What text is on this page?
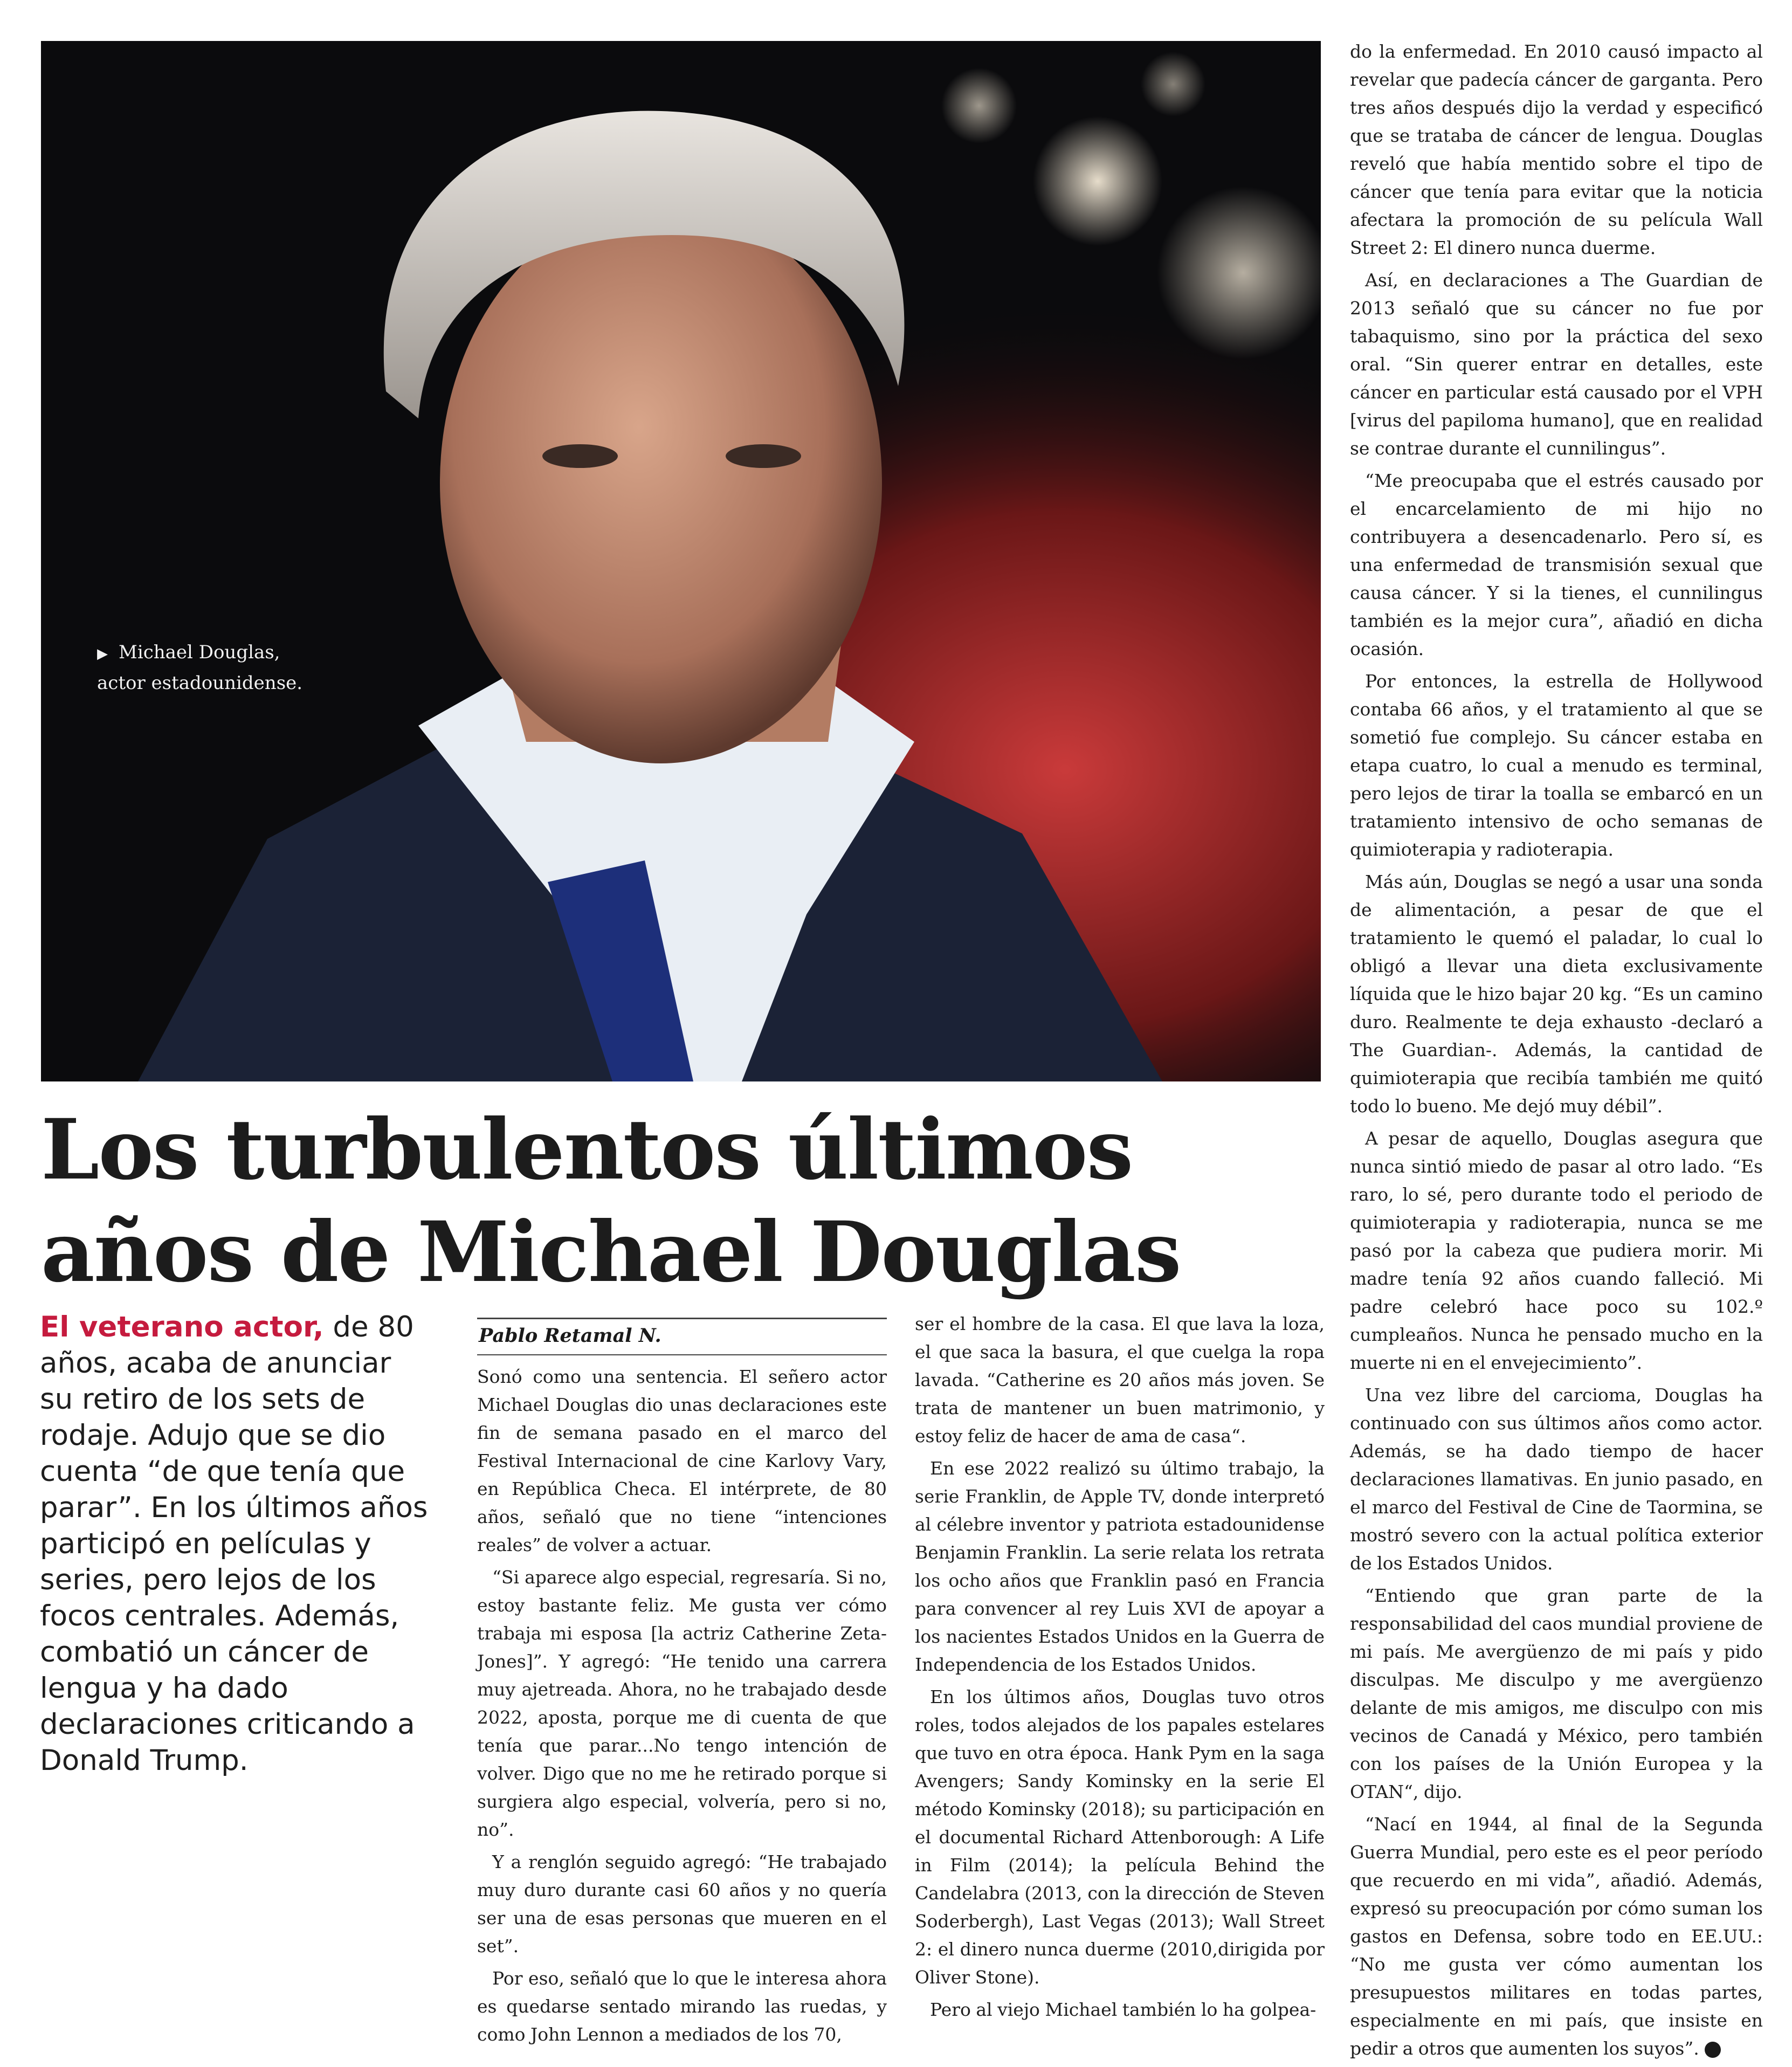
▶ Michael Douglas,
actor estadounidense.
Los turbulentos últimos
años de Michael Douglas
El veterano actor, de 80 años, acaba de anunciar su retiro de los sets de rodaje. Adujo que se dio cuenta “de que tenía que parar”. En los últimos años participó en películas y series, pero lejos de los focos centrales. Además, combatió un cáncer de lengua y ha dado declaraciones criticando a Donald Trump.
Pablo Retamal N.

Sonó como una sentencia. El señero actor Michael Douglas dio unas declaraciones este fin de semana pasado en el marco del Festival Internacional de cine Karlovy Vary, en República Checa. El intérprete, de 80 años, señaló que no tiene “intenciones reales” de volver a actuar.

“Si aparece algo especial, regresaría. Si no, estoy bastante feliz. Me gusta ver cómo trabaja mi esposa [la actriz Catherine Zeta-Jones]”. Y agregó: “He tenido una carrera muy ajetreada. Ahora, no he trabajado desde 2022, aposta, porque me di cuenta de que tenía que parar...No tengo intención de volver. Digo que no me he retirado porque si surgiera algo especial, volvería, pero si no, no”.

Y a renglón seguido agregó: “He trabajado muy duro durante casi 60 años y no quería ser una de esas personas que mueren en el set”.

Por eso, señaló que lo que le interesa ahora es quedarse sentado mirando las ruedas, y como John Lennon a mediados de los 70,

ser el hombre de la casa. El que lava la loza, el que saca la basura, el que cuelga la ropa lavada. “Catherine es 20 años más joven. Se trata de mantener un buen matrimonio, y estoy feliz de hacer de ama de casa“.

En ese 2022 realizó su último trabajo, la serie Franklin, de Apple TV, donde interpretó al célebre inventor y patriota estadounidense Benjamin Franklin. La serie relata los retrata los ocho años que Franklin pasó en Francia para convencer al rey Luis XVI de apoyar a los nacientes Estados Unidos en la Guerra de Independencia de los Estados Unidos.

En los últimos años, Douglas tuvo otros roles, todos alejados de los papales estelares que tuvo en otra época. Hank Pym en la saga Avengers; Sandy Kominsky en la serie El método Kominsky (2018); su participación en el documental Richard Attenborough: A Life in Film (2014); la película Behind the Candelabra (2013, con la dirección de Steven Soderbergh), Last Vegas (2013); Wall Street 2: el dinero nunca duerme (2010,dirigida por Oliver Stone).

Pero al viejo Michael también lo ha golpea-

do la enfermedad. En 2010 causó impacto al revelar que padecía cáncer de garganta. Pero tres años después dijo la verdad y especificó que se trataba de cáncer de lengua. Douglas reveló que había mentido sobre el tipo de cáncer que tenía para evitar que la noticia afectara la promoción de su película Wall Street 2: El dinero nunca duerme.

Así, en declaraciones a The Guardian de 2013 señaló que su cáncer no fue por tabaquismo, sino por la práctica del sexo oral. “Sin querer entrar en detalles, este cáncer en particular está causado por el VPH [virus del papiloma humano], que en realidad se contrae durante el cunnilingus”.

“Me preocupaba que el estrés causado por el encarcelamiento de mi hijo no contribuyera a desencadenarlo. Pero sí, es una enfermedad de transmisión sexual que causa cáncer. Y si la tienes, el cunnilingus también es la mejor cura”, añadió en dicha ocasión.

Por entonces, la estrella de Hollywood contaba 66 años, y el tratamiento al que se sometió fue complejo. Su cáncer estaba en etapa cuatro, lo cual a menudo es terminal, pero lejos de tirar la toalla se embarcó en un tratamiento intensivo de ocho semanas de quimioterapia y radioterapia.

Más aún, Douglas se negó a usar una sonda de alimentación, a pesar de que el tratamiento le quemó el paladar, lo cual lo obligó a llevar una dieta exclusivamente líquida que le hizo bajar 20 kg. “Es un camino duro. Realmente te deja exhausto -declaró a The Guardian-. Además, la cantidad de quimioterapia que recibía también me quitó todo lo bueno. Me dejó muy débil”.

A pesar de aquello, Douglas asegura que nunca sintió miedo de pasar al otro lado. “Es raro, lo sé, pero durante todo el periodo de quimioterapia y radioterapia, nunca se me pasó por la cabeza que pudiera morir. Mi madre tenía 92 años cuando falleció. Mi padre celebró hace poco su 102.º cumpleaños. Nunca he pensado mucho en la muerte ni en el envejecimiento”.

Una vez libre del carcioma, Douglas ha continuado con sus últimos años como actor. Además, se ha dado tiempo de hacer declaraciones llamativas. En junio pasado, en el marco del Festival de Cine de Taormina, se mostró severo con la actual política exterior de los Estados Unidos.

“Entiendo que gran parte de la responsabilidad del caos mundial proviene de mi país. Me avergüenzo de mi país y pido disculpas. Me disculpo y me avergüenzo delante de mis amigos, me disculpo con mis vecinos de Canadá y México, pero también con los países de la Unión Europea y la OTAN“, dijo.

“Nací en 1944, al final de la Segunda Guerra Mundial, pero este es el peor período que recuerdo en mi vida”, añadió. Además, expresó su preocupación por cómo suman los gastos en Defensa, sobre todo en EE.UU.: “No me gusta ver cómo aumentan los presupuestos militares en todas partes, especialmente en mi país, que insiste en pedir a otros que aumenten los suyos”.
